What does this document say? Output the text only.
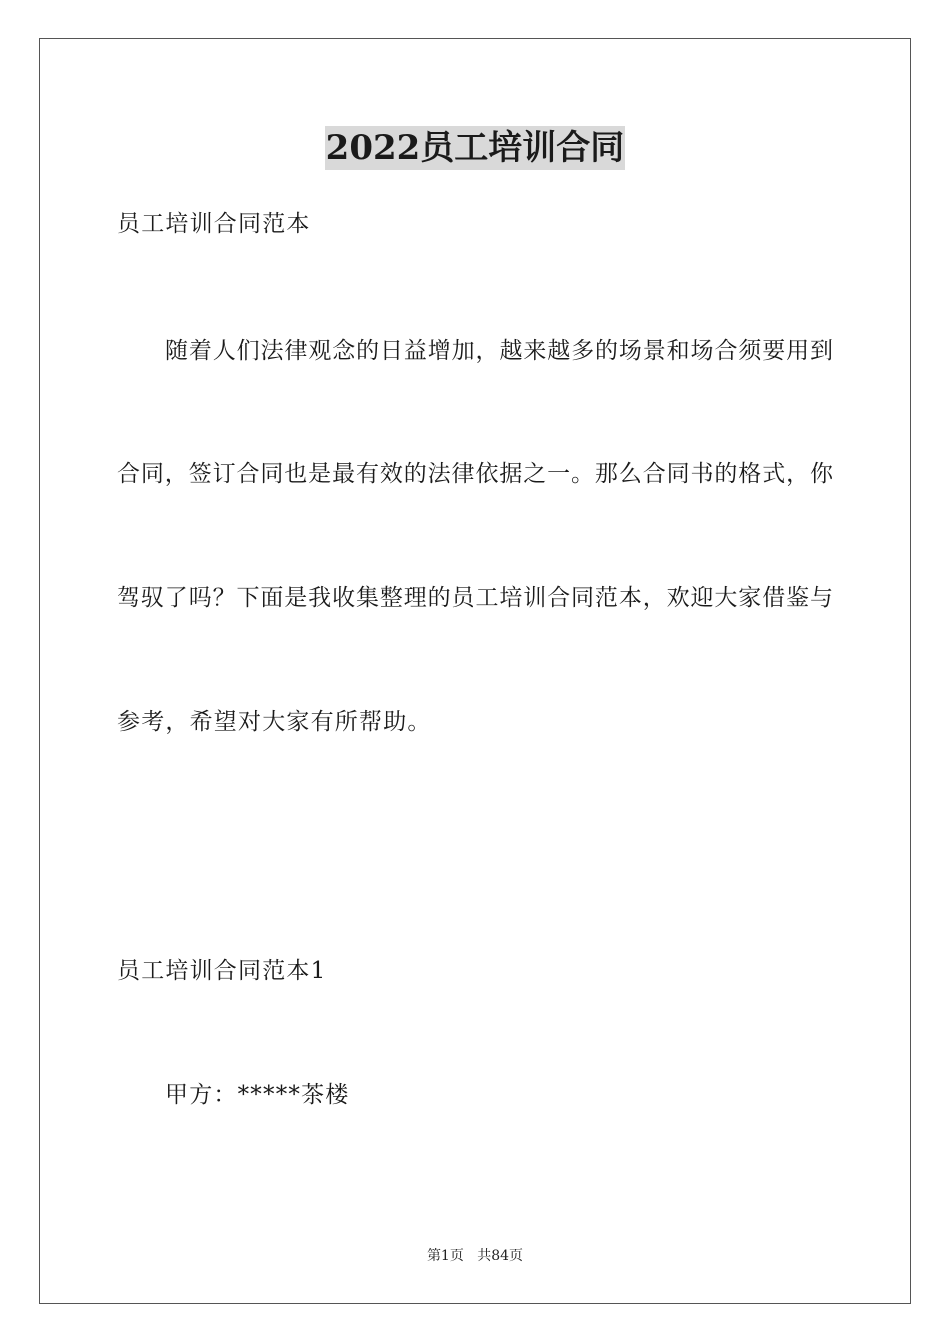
2022员工培训合同
员工培训合同范本
随着人们法律观念的日益增加，越来越多的场景和场合须要用到
合同，签订合同也是最有效的法律依据之一。那么合同书的格式，你
驾驭了吗？下面是我收集整理的员工培训合同范本，欢迎大家借鉴与
参考，希望对大家有所帮助。
员工培训合同范本1
甲方：*****茶楼
第1页 共84页
